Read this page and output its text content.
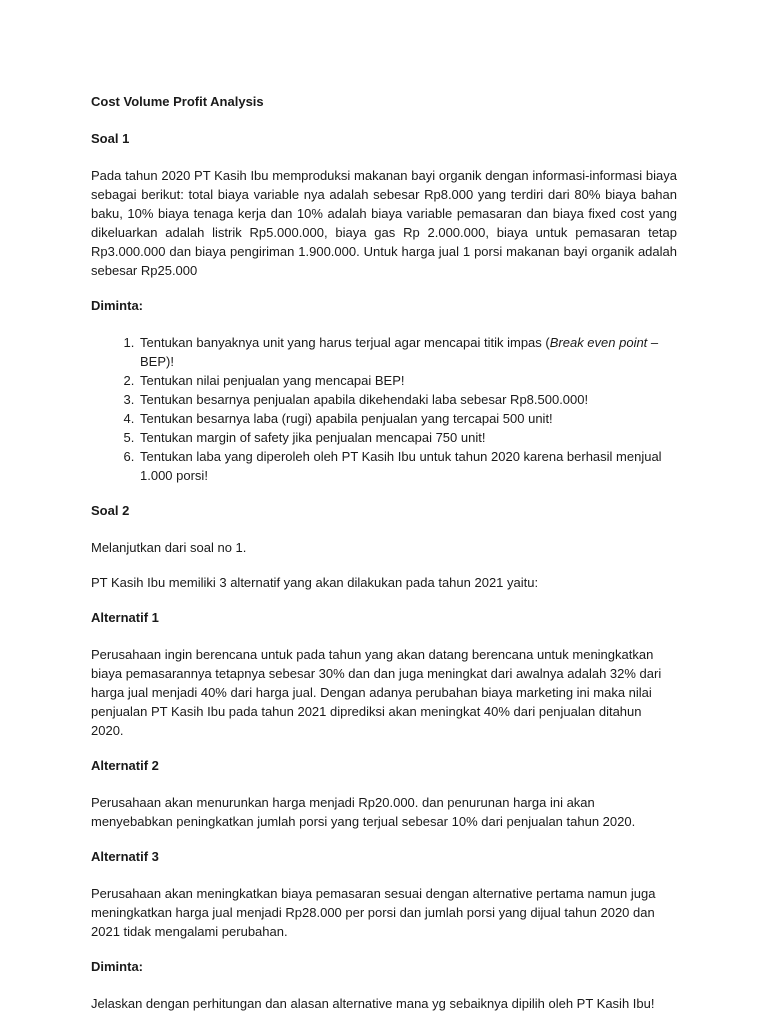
Cost Volume Profit Analysis

Soal 1

Pada tahun 2020 PT Kasih Ibu memproduksi makanan bayi organik dengan informasi-informasi biaya sebagai berikut: total biaya variable nya adalah sebesar Rp8.000 yang terdiri dari 80% biaya bahan baku, 10% biaya tenaga kerja dan 10% adalah biaya variable pemasaran dan biaya fixed cost yang dikeluarkan adalah listrik Rp5.000.000, biaya gas Rp 2.000.000, biaya untuk pemasaran tetap Rp3.000.000 dan biaya pengiriman 1.900.000. Untuk harga jual 1 porsi makanan bayi organik adalah sebesar Rp25.000

Diminta:

1. Tentukan banyaknya unit yang harus terjual agar mencapai titik impas (Break even point – BEP)!
2. Tentukan nilai penjualan yang mencapai BEP!
3. Tentukan besarnya penjualan apabila dikehendaki laba sebesar Rp8.500.000!
4. Tentukan besarnya laba (rugi) apabila penjualan yang tercapai 500 unit!
5. Tentukan margin of safety jika penjualan mencapai 750 unit!
6. Tentukan laba yang diperoleh oleh PT Kasih Ibu untuk tahun 2020 karena berhasil menjual 1.000 porsi!

Soal 2

Melanjutkan dari soal no 1.

PT Kasih Ibu memiliki 3 alternatif yang akan dilakukan pada tahun 2021 yaitu:

Alternatif 1

Perusahaan ingin berencana untuk pada tahun yang akan datang berencana untuk meningkatkan biaya pemasarannya tetapnya sebesar 30% dan dan juga meningkat dari awalnya adalah 32% dari harga jual menjadi 40% dari harga jual. Dengan adanya perubahan biaya marketing ini maka nilai penjualan PT Kasih Ibu pada tahun 2021 diprediksi akan meningkat 40% dari penjualan ditahun 2020.

Alternatif 2

Perusahaan akan menurunkan harga menjadi Rp20.000. dan penurunan harga ini akan menyebabkan peningkatkan jumlah porsi yang terjual sebesar 10% dari penjualan tahun 2020.

Alternatif 3

Perusahaan akan meningkatkan biaya pemasaran sesuai dengan alternative pertama namun juga meningkatkan harga jual menjadi Rp28.000 per porsi dan jumlah porsi yang dijual tahun 2020 dan 2021 tidak mengalami perubahan.

Diminta:

Jelaskan dengan perhitungan dan alasan alternative mana yg sebaiknya dipilih oleh PT Kasih Ibu!
